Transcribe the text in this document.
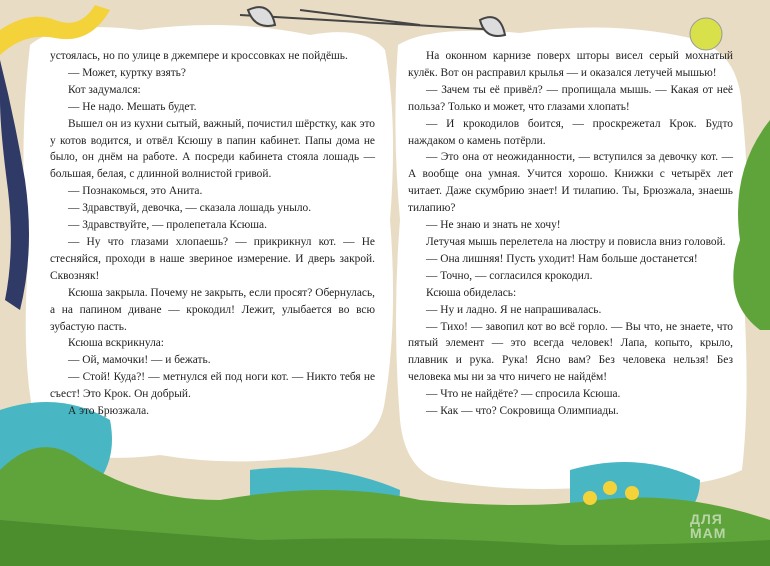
устоялась, но по улице в джемпере и кроссовках не пойдёшь.

— Может, куртку взять?

Кот задумался:

— Не надо. Мешать будет.

Вышел он из кухни сытый, важный, почистил шёрстку, как это у котов водится, и отвёл Ксюшу в папин кабинет. Папы дома не было, он днём на работе. А посреди кабинета стояла лошадь — большая, белая, с длинной волнистой гривой.

— Познакомься, это Анита.

— Здравствуй, девочка, — сказала лошадь уныло.

— Здравствуйте, — пролепетала Ксюша.

— Ну что глазами хлопаешь? — прикрикнул кот. — Не стесняйся, проходи в наше звериное измерение. И дверь закрой. Сквозняк!

Ксюша закрыла. Почему не закрыть, если просят? Обернулась, а на папином диване — крокодил! Лежит, улыбается во всю зубастую пасть.

Ксюша вскрикнула:

— Ой, мамочки! — и бежать.

— Стой! Куда?! — метнулся ей под ноги кот. — Никто тебя не съест! Это Крок. Он добрый.

А это Брюзжала.

На оконном карнизе поверх шторы висел серый мохнатый кулёк. Вот он расправил крылья — и оказался летучей мышью!

— Зачем ты её привёл? — пропищала мышь. — Какая от неё польза? Только и может, что глазами хлопать!

— И крокодилов боится, — проскрежетал Крок. Будто наждаком о камень потёрли.

— Это она от неожиданности, — вступился за девочку кот. — А вообще она умная. Учится хорошо. Книжки с четырёх лет читает. Даже скумбрию знает! И тилапию. Ты, Брюзжала, знаешь тилапию?

— Не знаю и знать не хочу!

Летучая мышь перелетела на люстру и повисла вниз головой.

— Она лишняя! Пусть уходит! Нам больше достанется!

— Точно, — согласился крокодил.

Ксюша обиделась:

— Ну и ладно. Я не напрашивалась.

— Тихо! — завопил кот во всё горло. — Вы что, не знаете, что пятый элемент — это всегда человек! Лапа, копыто, крыло, плавник и рука. Рука! Ясно вам? Без человека нельзя! Без человека мы ни за что ничего не найдём!

— Что не найдёте? — спросила Ксюша.

— Как — что? Сокровища Олимпиады.

ДЛЯ
МАМ
